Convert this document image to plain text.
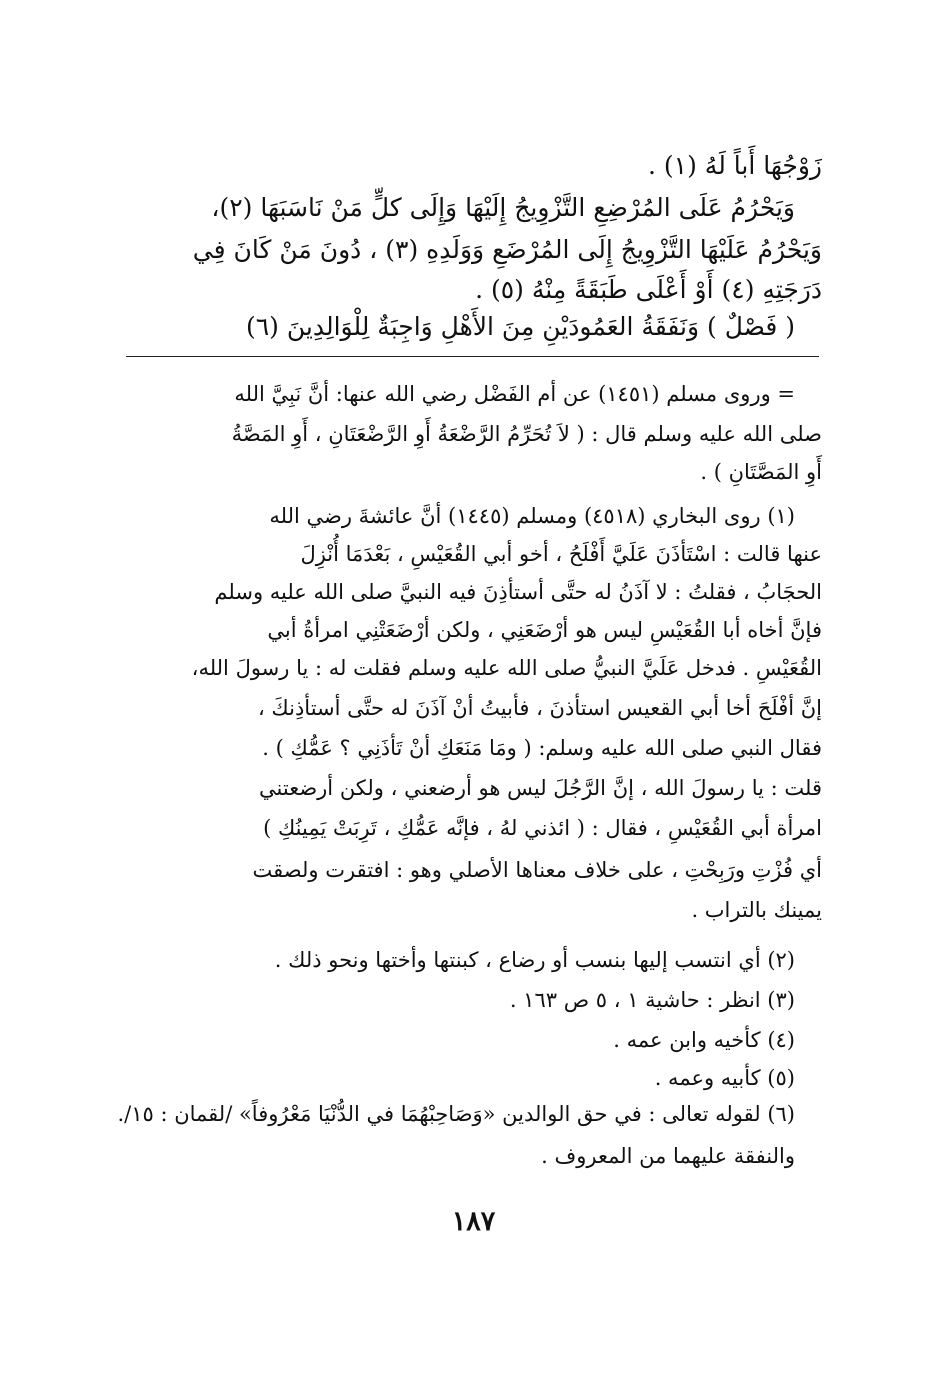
زَوْجُهَا أَباً لَهُ (١) .
وَيَحْرُمُ عَلَى المُرْضِعِ التَّزْوِيجُ إِلَيْهَا وَإِلَى كلٍّ مَنْ نَاسَبَهَا (٢)،
وَيَحْرُمُ عَلَيْهَا التَّزْوِيجُ إِلَى المُرْضَعِ وَوَلَدِهِ (٣) ، دُونَ مَنْ كَانَ فِي
دَرَجَتِهِ (٤) أَوْ أَعْلَى طَبَقَةً مِنْهُ (٥) .
( فَصْلٌ ) وَنَفَقَةُ العَمُودَيْنِ مِنَ الأَهْلِ وَاجِبَةٌ لِلْوَالِدِينَ (٦)
= وروى مسلم (١٤٥١) عن أم الفَضْل رضي الله عنها: أنَّ نَبِيَّ الله
صلى الله عليه وسلم قال : ( لاَ تُحَرِّمُ الرَّضْعَةُ أَوِ الرَّضْعَتَانِ ، أَوِ المَصَّةُ
أَوِ المَصَّتَانِ ) .
(١) روى البخاري (٤٥١٨) ومسلم (١٤٤٥) أنَّ عائشةَ رضي الله
عنها قالت : اسْتَأذَنَ عَلَيَّ أَفْلَحُ ، أخو أبي القُعَيْسِ ، بَعْدَمَا أُنْزِلَ
الحجَابُ ، فقلتُ : لا آذَنُ له حتَّى أستأذِنَ فيه النبيَّ صلى الله عليه وسلم
فإنَّ أخاه أبا القُعَيْسِ ليس هو أرْضَعَنِي ، ولكن أرْضَعَتْنِي امرأةُ أبي
القُعَيْسِ . فدخل عَلَيَّ النبيُّ صلى الله عليه وسلم فقلت له : يا رسولَ الله،
إنَّ أفْلَحَ أخا أبي القعيس استأذنَ ، فأبيتُ أنْ آذَنَ له حتَّى أستأذِنكَ ،
فقال النبي صلى الله عليه وسلم: ( ومَا مَنَعَكِ أنْ تَأذَنِي ؟ عَمُّكِ ) .
قلت : يا رسولَ الله ، إنَّ الرَّجُلَ ليس هو أرضعني ، ولكن أرضعتني
امرأة أبي القُعَيْسِ ، فقال : ( ائذني لهُ ، فإنَّه عَمُّكِ ، تَرِبَتْ يَمِينُكِ )
أي فُزْتِ ورَبِحْتِ ، على خلاف معناها الأصلي وهو : افتقرت ولصقت
يمينك بالتراب .
(٢) أي انتسب إليها بنسب أو رضاع ، كبنتها وأختها ونحو ذلك .
(٣) انظر : حاشية ١ ، ٥ ص ١٦٣ .
(٤) كأخيه وابن عمه .
(٥) كأبيه وعمه .
(٦) لقوله تعالى : في حق الوالدين «وَصَاحِبْهُمَا في الدُّنْيَا مَعْرُوفاً» /لقمان : ١٥/.
والنفقة عليهما من المعروف .
١٨٧
